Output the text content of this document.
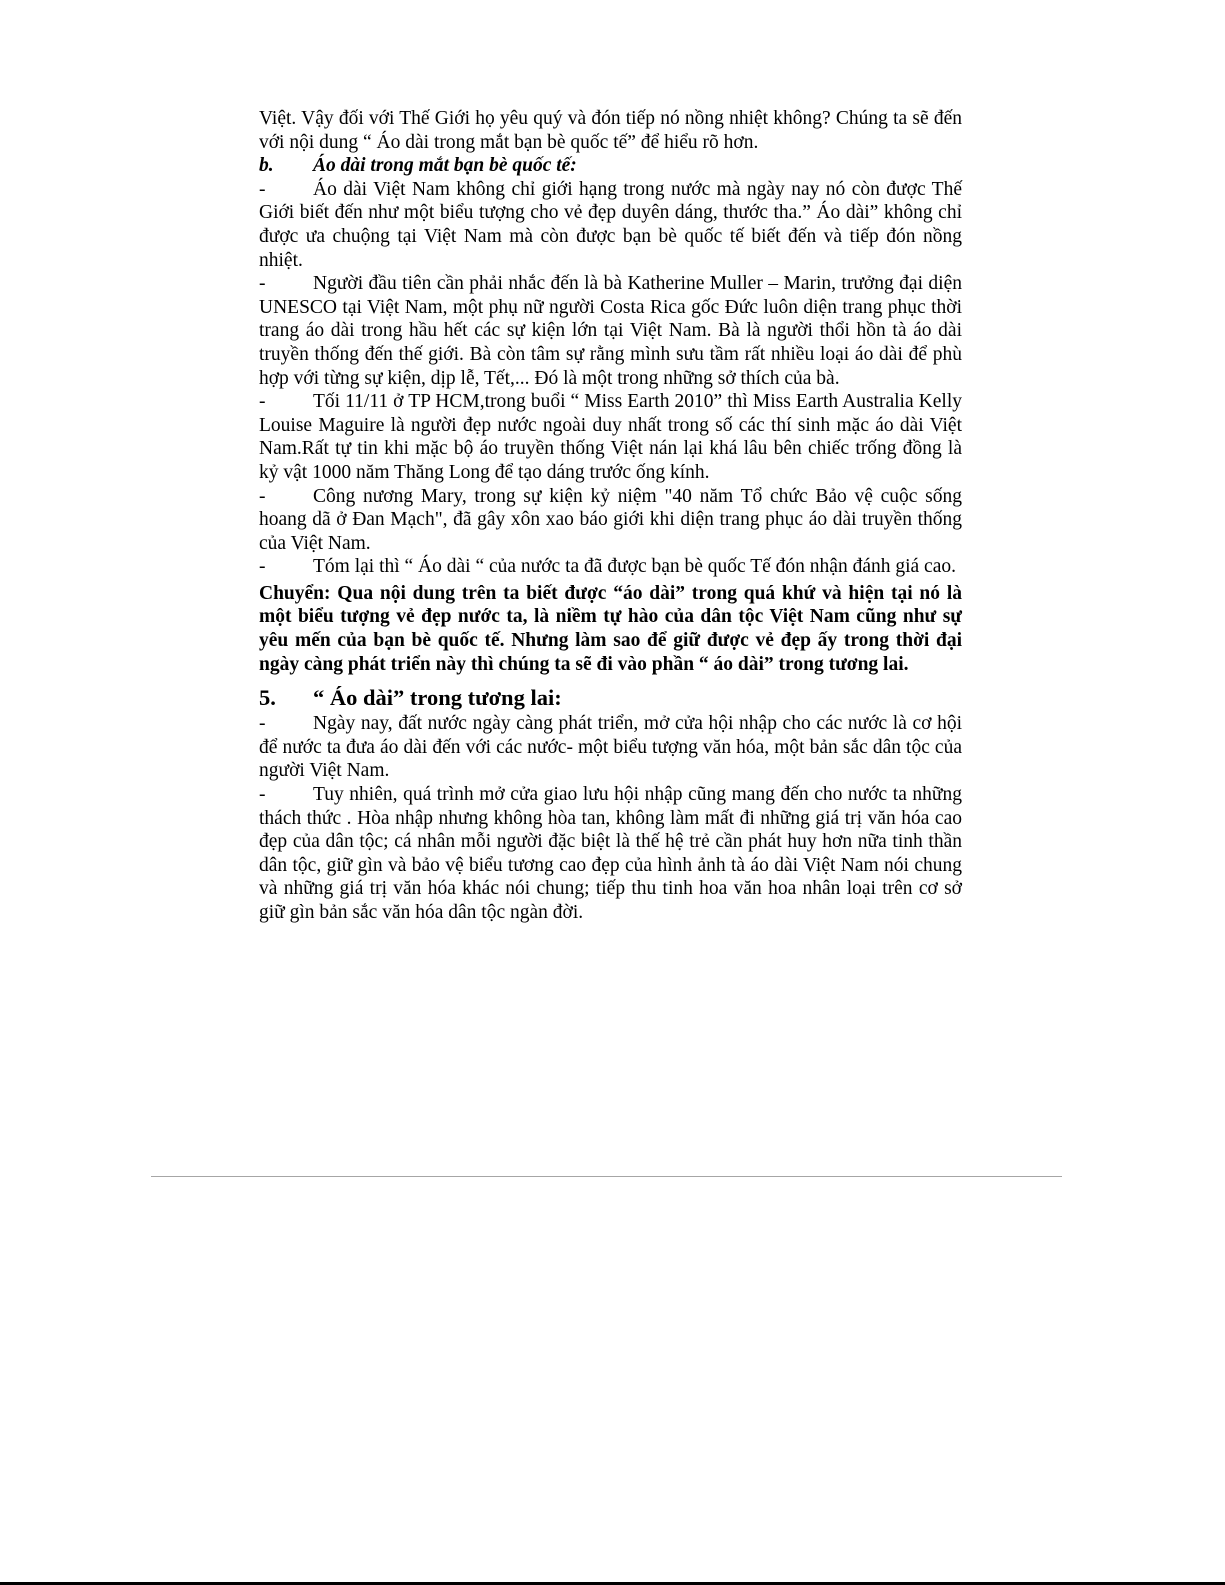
Việt. Vậy đối với Thế Giới họ yêu quý và đón tiếp nó nồng nhiệt không? Chúng ta sẽ đến với nội dung “ Áo dài trong mắt bạn bè quốc tế” để hiểu rõ hơn.

b. Áo dài trong mắt bạn bè quốc tế:

- Áo dài Việt Nam không chỉ giới hạng trong nước mà ngày nay nó còn được Thế Giới biết đến như một biểu tượng cho vẻ đẹp duyên dáng, thước tha.” Áo dài” không chỉ được ưa chuộng tại Việt Nam mà còn được bạn bè quốc tế biết đến và tiếp đón nồng nhiệt.

- Người đầu tiên cần phải nhắc đến là bà Katherine Muller – Marin, trưởng đại diện UNESCO tại Việt Nam, một phụ nữ người Costa Rica gốc Đức luôn diện trang phục thời trang áo dài trong hầu hết các sự kiện lớn tại Việt Nam. Bà là người thổi hồn tà áo dài truyền thống đến thế giới. Bà còn tâm sự rằng mình sưu tầm rất nhiều loại áo dài để phù hợp với từng sự kiện, dịp lễ, Tết,... Đó là một trong những sở thích của bà.

- Tối 11/11 ở TP HCM,trong buổi “ Miss Earth 2010” thì Miss Earth Australia Kelly Louise Maguire là người đẹp nước ngoài duy nhất trong số các thí sinh mặc áo dài Việt Nam.Rất tự tin khi mặc bộ áo truyền thống Việt nán lại khá lâu bên chiếc trống đồng là kỷ vật 1000 năm Thăng Long để tạo dáng trước ống kính.

- Công nương Mary, trong sự kiện kỷ niệm "40 năm Tổ chức Bảo vệ cuộc sống hoang dã ở Đan Mạch", đã gây xôn xao báo giới khi diện trang phục áo dài truyền thống của Việt Nam.

- Tóm lại thì “ Áo dài “ của nước ta đã được bạn bè quốc Tế đón nhận đánh giá cao.

Chuyển: Qua nội dung trên ta biết được “áo dài” trong quá khứ và hiện tại nó là một biểu tượng vẻ đẹp nước ta, là niềm tự hào của dân tộc Việt Nam cũng như sự yêu mến của bạn bè quốc tế. Nhưng làm sao để giữ được vẻ đẹp ấy trong thời đại ngày càng phát triển này thì chúng ta sẽ đi vào phần “ áo dài” trong tương lai.

5. “ Áo dài” trong tương lai:

- Ngày nay, đất nước ngày càng phát triển, mở cửa hội nhập cho các nước là cơ hội để nước ta đưa áo dài đến với các nước- một biểu tượng văn hóa, một bản sắc dân tộc của người Việt Nam.

- Tuy nhiên, quá trình mở cửa giao lưu hội nhập cũng mang đến cho nước ta những thách thức . Hòa nhập nhưng không hòa tan, không làm mất đi những giá trị văn hóa cao đẹp của dân tộc; cá nhân mỗi người đặc biệt là thế hệ trẻ cần phát huy hơn nữa tinh thần dân tộc, giữ gìn và bảo vệ biểu tương cao đẹp của hình ảnh tà áo dài Việt Nam nói chung và những giá trị văn hóa khác nói chung; tiếp thu tinh hoa văn hoa nhân loại trên cơ sở giữ gìn bản sắc văn hóa dân tộc ngàn đời.
